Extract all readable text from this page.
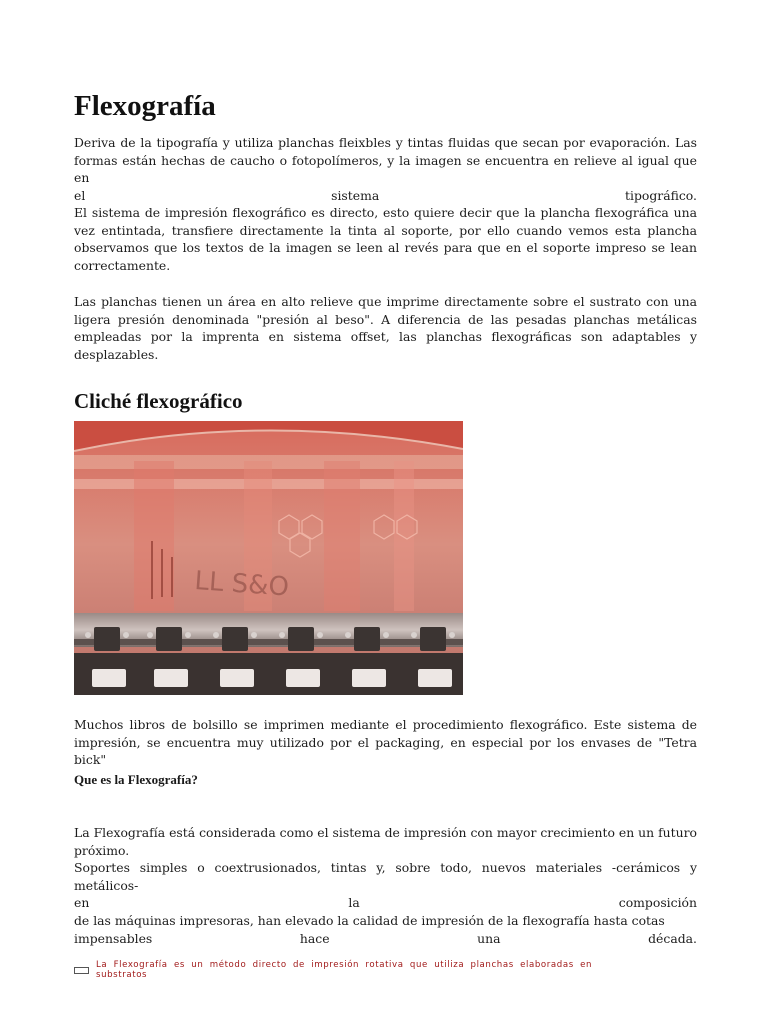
Flexografía
Deriva de la tipografía y utiliza planchas fleixbles y tintas fluidas que secan por evaporación. Las formas están hechas de caucho o fotopolímeros, y la imagen se encuentra en relieve al igual que en
el	sistema	tipográfico.

El sistema de impresión flexográfico es directo, esto quiere decir que la plancha flexográfica una vez entintada, transfiere directamente la tinta al soporte, por ello cuando vemos esta plancha observamos que los textos de la imagen se leen al revés para que en el soporte impreso se lean correctamente.

Las planchas tienen un área en alto relieve que imprime directamente sobre el sustrato con una ligera presión denominada "presión al beso". A diferencia de las pesadas planchas metálicas empleadas por la imprenta en sistema offset, las planchas flexográficas son adaptables y desplazables.

Cliché flexográfico
LL S&O

Muchos libros de bolsillo se imprimen mediante el procedimiento flexográfico. Este sistema de impresión, se encuentra muy utilizado por el packaging, en especial por los envases de "Tetra bick"

Que es la Flexografía?

La Flexografía está considerada como el sistema de impresión con mayor crecimiento en un futuro próximo.
Soportes simples o coextrusionados, tintas y, sobre todo, nuevos materiales -cerámicos y metálicos-
en	la	composición
de las máquinas impresoras, han elevado la calidad de impresión de la flexografía hasta cotas
impensables	hace	una	década.
La Flexografía es un método directo de impresión rotativa que utiliza planchas elaboradas en substratos
